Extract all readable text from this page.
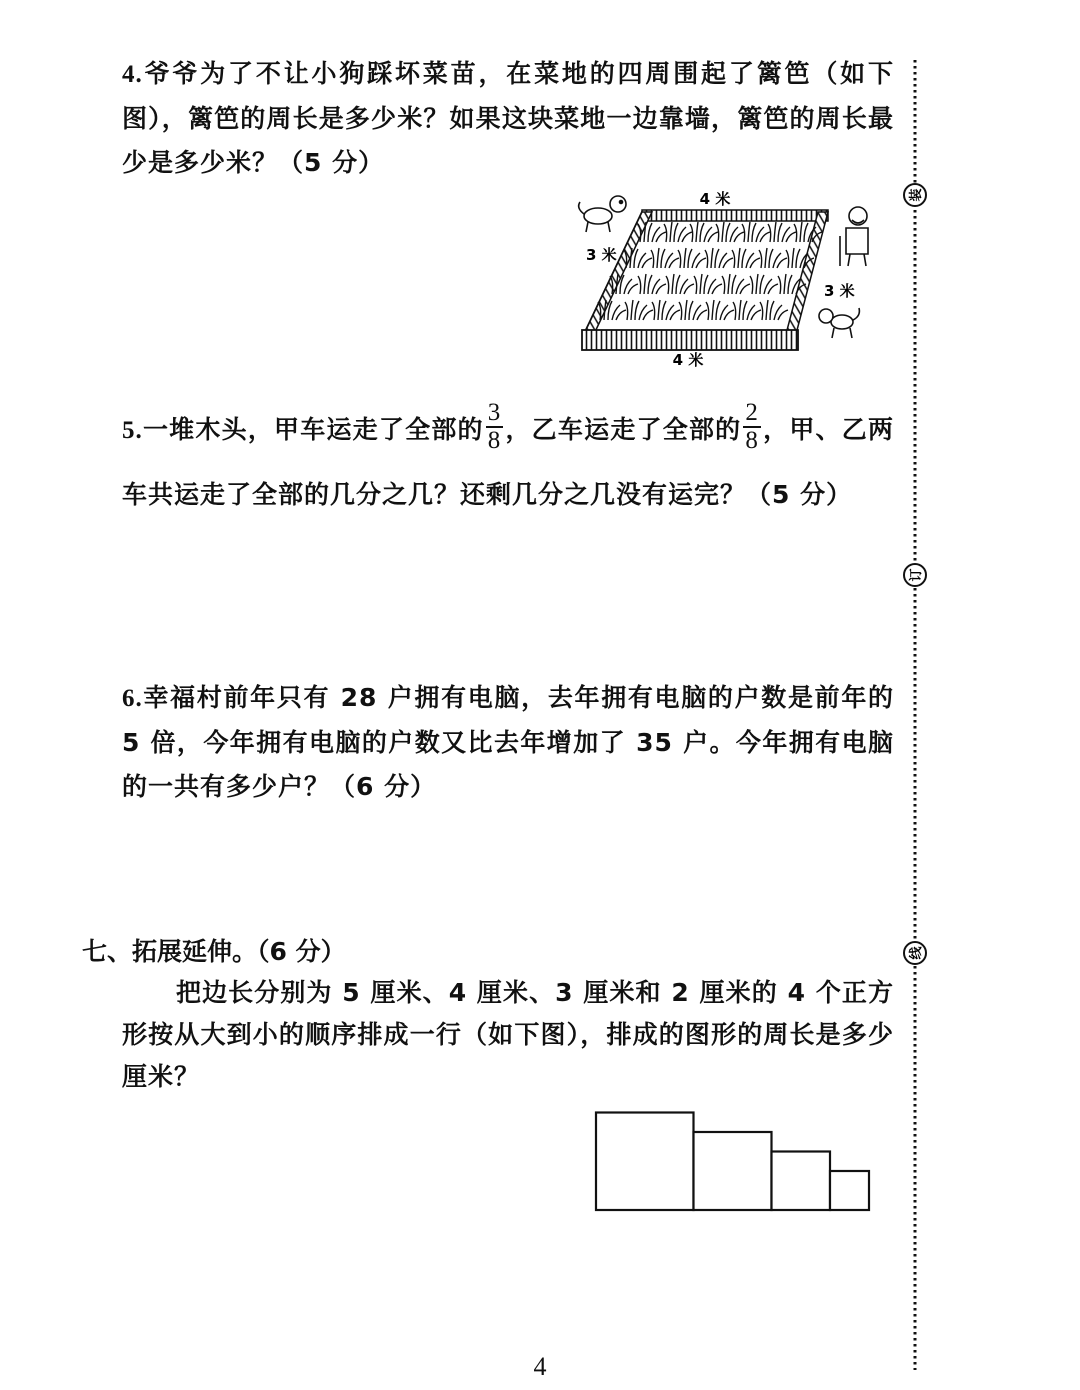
4.爷爷为了不让小狗踩坏菜苗，在菜地的四周围起了篱笆（如下图），篱笆的周长是多少米？如果这块菜地一边靠墙，篱笆的周长最少是多少米？（5 分）
4 米
3 米
3 米
4 米
5.一堆木头，甲车运走了全部的 $\frac{3}{8}$ ，乙车运走了全部的 $\frac{2}{8}$ ，甲、乙两车共运走了全部的几分之几？还剩几分之几没有运完？（5 分）
6.幸福村前年只有 28 户拥有电脑，去年拥有电脑的户数是前年的 5 倍，今年拥有电脑的户数又比去年增加了 35 户。今年拥有电脑的一共有多少户？（6 分）
七、拓展延伸。（6 分）
把边长分别为 5 厘米、4 厘米、3 厘米和 2 厘米的 4 个正方形按从大到小的顺序排成一行（如下图），排成的图形的周长是多少厘米？
装
订
线
4
